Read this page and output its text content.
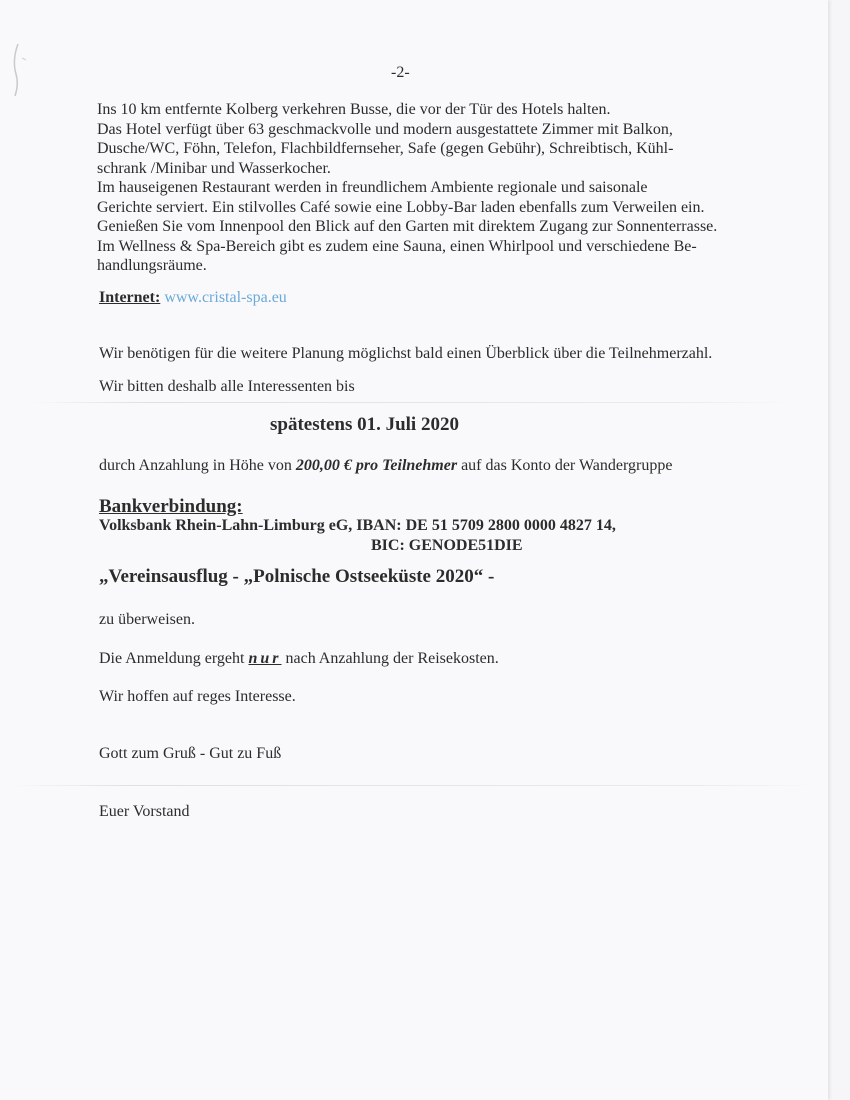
-2-
Ins 10 km entfernte Kolberg verkehren Busse, die vor der Tür des Hotels halten.
Das Hotel verfügt über 63 geschmackvolle und modern ausgestattete Zimmer mit Balkon,
Dusche/WC, Föhn, Telefon, Flachbildfernseher, Safe (gegen Gebühr), Schreibtisch, Kühl-
schrank /Minibar und Wasserkocher.
Im hauseigenen Restaurant werden in freundlichem Ambiente regionale und saisonale
Gerichte serviert. Ein stilvolles Café sowie eine Lobby-Bar laden ebenfalls zum Verweilen ein.
Genießen Sie vom Innenpool den Blick auf den Garten mit direktem Zugang zur Sonnenterrasse.
Im Wellness & Spa-Bereich gibt es zudem eine Sauna, einen Whirlpool und verschiedene Be-
handlungsräume.
Internet: www.cristal-spa.eu
Wir benötigen für die weitere Planung möglichst bald einen Überblick über die Teilnehmerzahl.
Wir bitten deshalb alle Interessenten bis
spätestens 01. Juli 2020
durch Anzahlung in Höhe von 200,00 € pro Teilnehmer auf das Konto der Wandergruppe
Bankverbindung:
Volksbank Rhein-Lahn-Limburg eG, IBAN: DE 51 5709 2800 0000 4827 14,
BIC: GENODE51DIE
„Vereinsausflug - „Polnische Ostseeküste 2020“ -
zu überweisen.
Die Anmeldung ergeht nur nach Anzahlung der Reisekosten.
Wir hoffen auf reges Interesse.
Gott zum Gruß - Gut zu Fuß
Euer Vorstand
